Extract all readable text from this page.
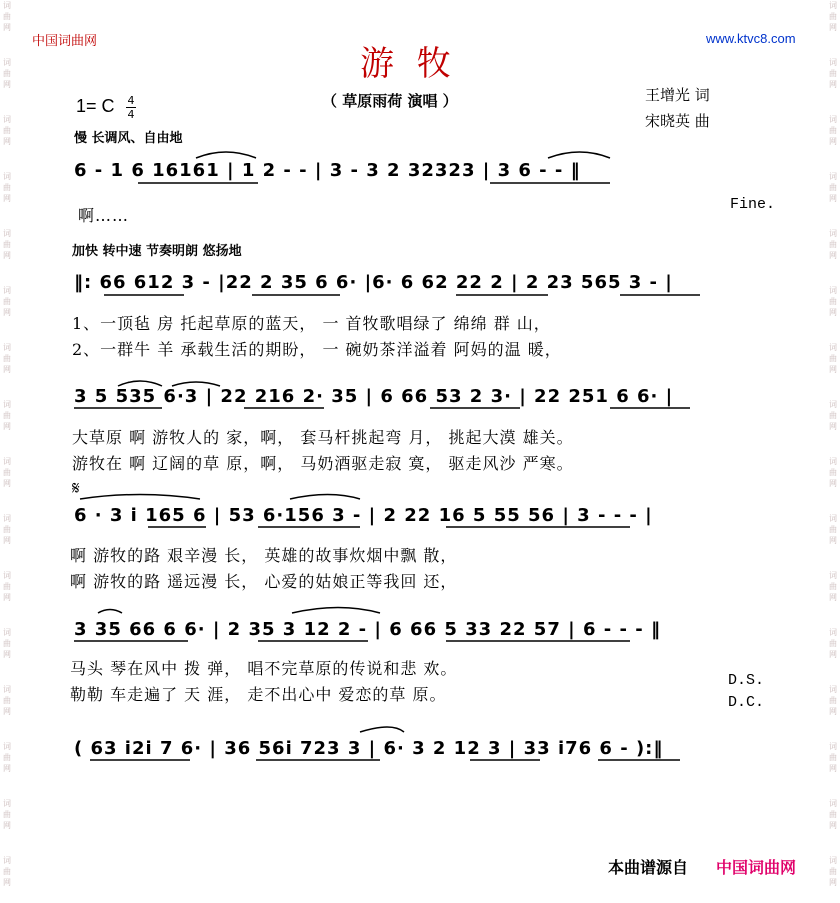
词
曲
网
词
曲
网
词
曲
网
词
曲
网
词
曲
网
词
曲
网
词
曲
网
词
曲
网
词
曲
网
词
曲
网
词
曲
网
词
曲
网
词
曲
网
词
曲
网
词
曲
网
词
曲
网
词
曲
网
词
曲
网
词
曲
网
词
曲
网
词
曲
网
词
曲
网
词
曲
网
词
曲
网
词
曲
网
词
曲
网
词
曲
网
词
曲
网
词
曲
网
词
曲
网
词
曲
网
词
曲
网
中国词曲网	www.ktvc8.com
游 牧
（ 草原雨荷 演唱 ）	王增光 词
宋晓英 曲
1= C 4
4
慢 长调风、自由地
6 - 1 6 16161 | 1 2 - - | 3 - 3 2 32323 | 3 6 - - ‖
啊……
Fine.
加快 转中速 节奏明朗 悠扬地
‖: 66 612 3 - |22 2 35 6 6· |6· 6 62 22 2 | 2 23 565 3 - |
1、一顶毡 房 托起草原的蓝天， 一 首牧歌唱绿了 绵绵 群 山，
2、一群牛 羊 承载生活的期盼， 一 碗奶茶洋溢着 阿妈的温 暖，
3 5 535 6·3 | 22 216 2· 35 | 6 66 53 2 3· | 22 251 6 6· |
大草原 啊 游牧人的 家，啊， 套马杆挑起弯 月， 挑起大漠 雄关。
游牧在 啊 辽阔的草 原，啊， 马奶酒驱走寂 寞， 驱走风沙 严寒。
𝄋
6 · 3 i 165 6 | 53 6·156 3 - | 2 22 16 5 55 56 | 3 - - - |
啊 游牧的路 艰辛漫 长， 英雄的故事炊烟中飘 散，
啊 游牧的路 遥远漫 长， 心爱的姑娘正等我回 还，
3 35 66 6 6· | 2 35 3 12 2 - | 6 66 5 33 22 57 | 6 - - - ‖
马头 琴在风中 拨 弹， 唱不完草原的传说和悲 欢。
勒勒 车走遍了 天 涯， 走不出心中 爱恋的草 原。
D.S.
D.C.
( 63 i2i 7 6· | 36 56i 723 3 | 6· 3 2 12 3 | 33 i76 6 - ):‖
本曲谱源自 中国词曲网
